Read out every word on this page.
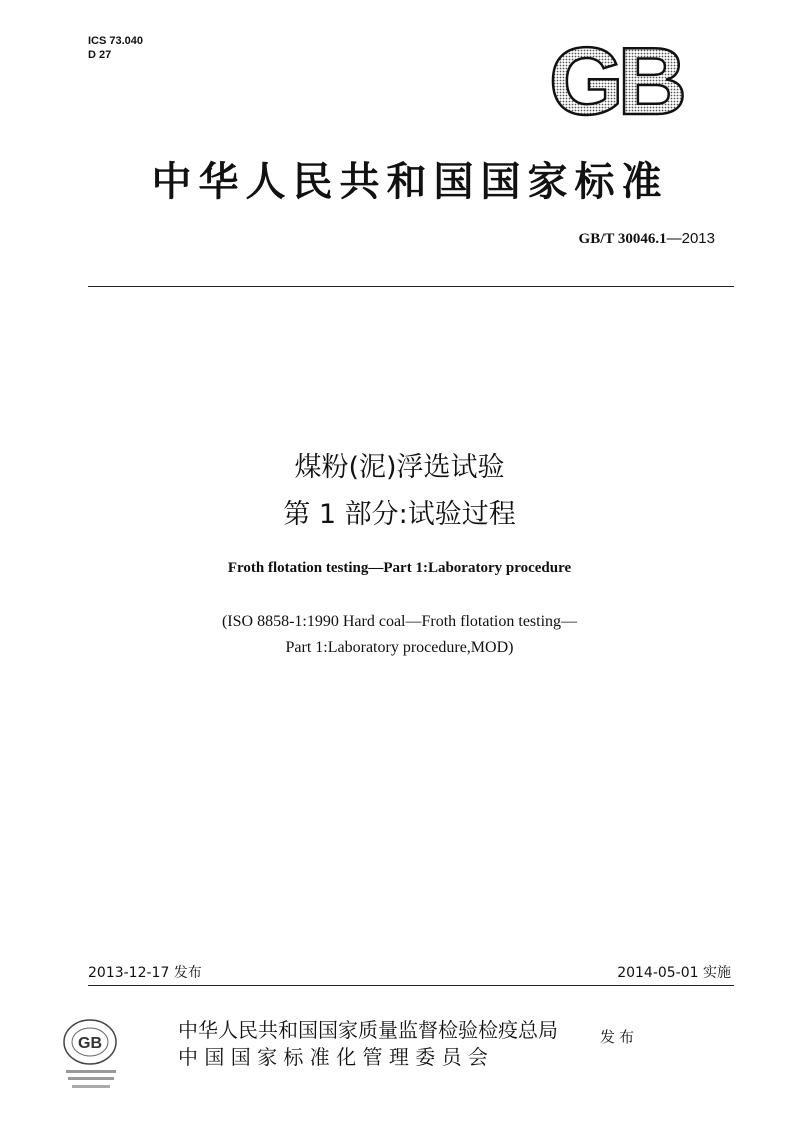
ICS 73.040
D 27	GB
中华人民共和国国家标准
GB/T 30046.1—2013
煤粉(泥)浮选试验
第 1 部分:试验过程
Froth flotation testing—Part 1:Laboratory procedure
(ISO 8858-1:1990 Hard coal—Froth flotation testing—
Part 1:Laboratory procedure,MOD)
2013-12-17 发布	2014-05-01 实施
GB
中华人民共和国国家质量监督检验检疫总局
中 国 国 家 标 准 化 管 理 委 员 会
发布
